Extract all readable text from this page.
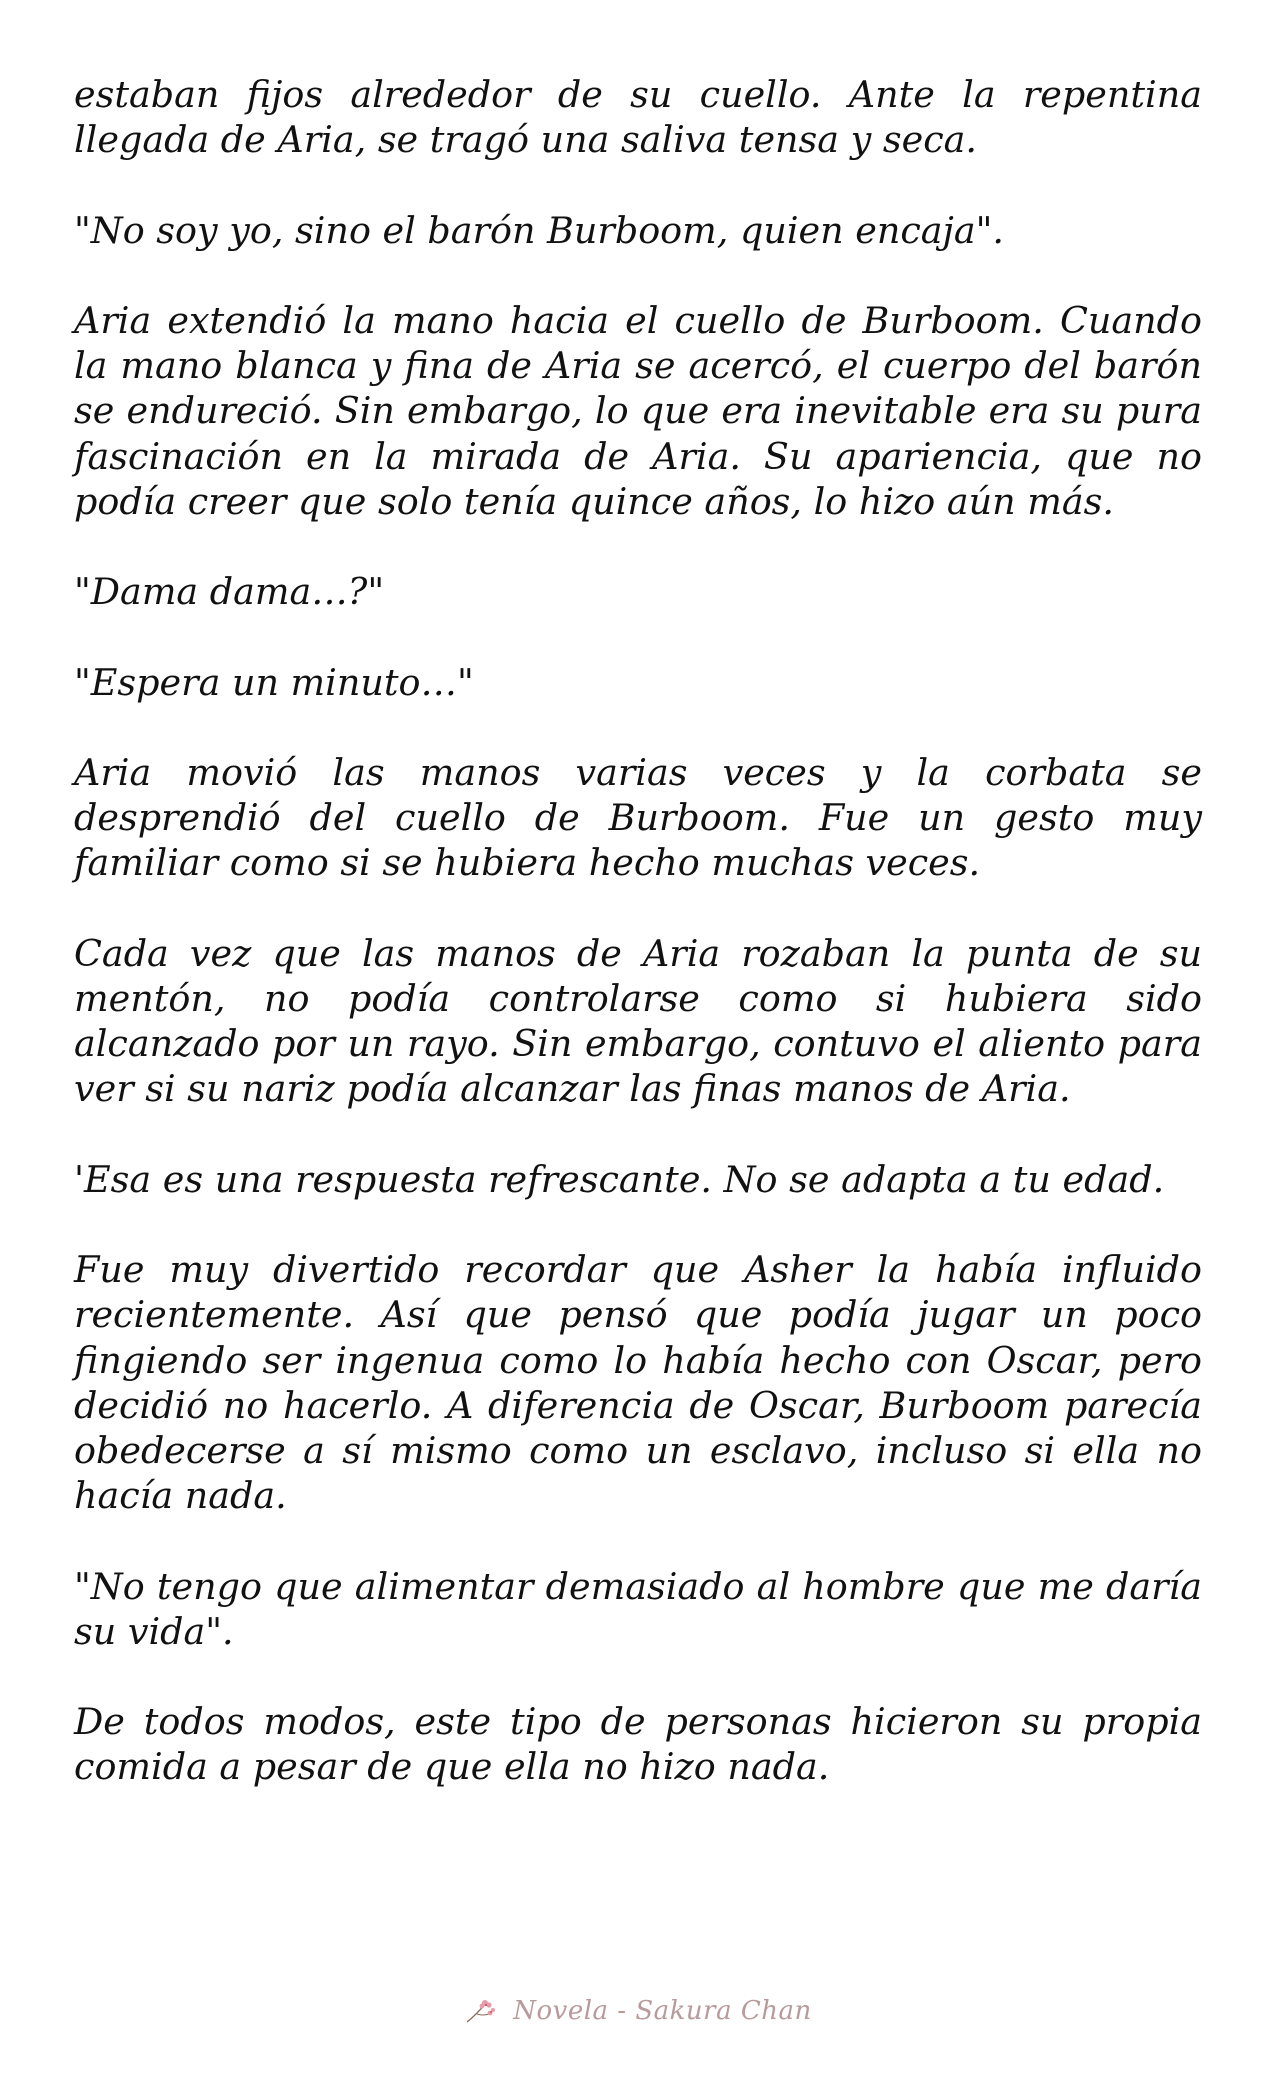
estaban fijos alrededor de su cuello. Ante la repentina llegada de Aria, se tragó una saliva tensa y seca.

"No soy yo, sino el barón Burboom, quien encaja".

Aria extendió la mano hacia el cuello de Burboom. Cuando la mano blanca y fina de Aria se acercó, el cuerpo del barón se endureció. Sin embargo, lo que era inevitable era su pura fascinación en la mirada de Aria. Su apariencia, que no podía creer que solo tenía quince años, lo hizo aún más.

"Dama dama…?"

"Espera un minuto…"

Aria movió las manos varias veces y la corbata se desprendió del cuello de Burboom. Fue un gesto muy familiar como si se hubiera hecho muchas veces.

Cada vez que las manos de Aria rozaban la punta de su mentón, no podía controlarse como si hubiera sido alcanzado por un rayo. Sin embargo, contuvo el aliento para ver si su nariz podía alcanzar las finas manos de Aria.

'Esa es una respuesta refrescante. No se adapta a tu edad.

Fue muy divertido recordar que Asher la había influido recientemente. Así que pensó que podía jugar un poco fingiendo ser ingenua como lo había hecho con Oscar, pero decidió no hacerlo. A diferencia de Oscar, Burboom parecía obedecerse a sí mismo como un esclavo, incluso si ella no hacía nada.

"No tengo que alimentar demasiado al hombre que me daría su vida".

De todos modos, este tipo de personas hicieron su propia comida a pesar de que ella no hizo nada.

Novela - Sakura Chan
